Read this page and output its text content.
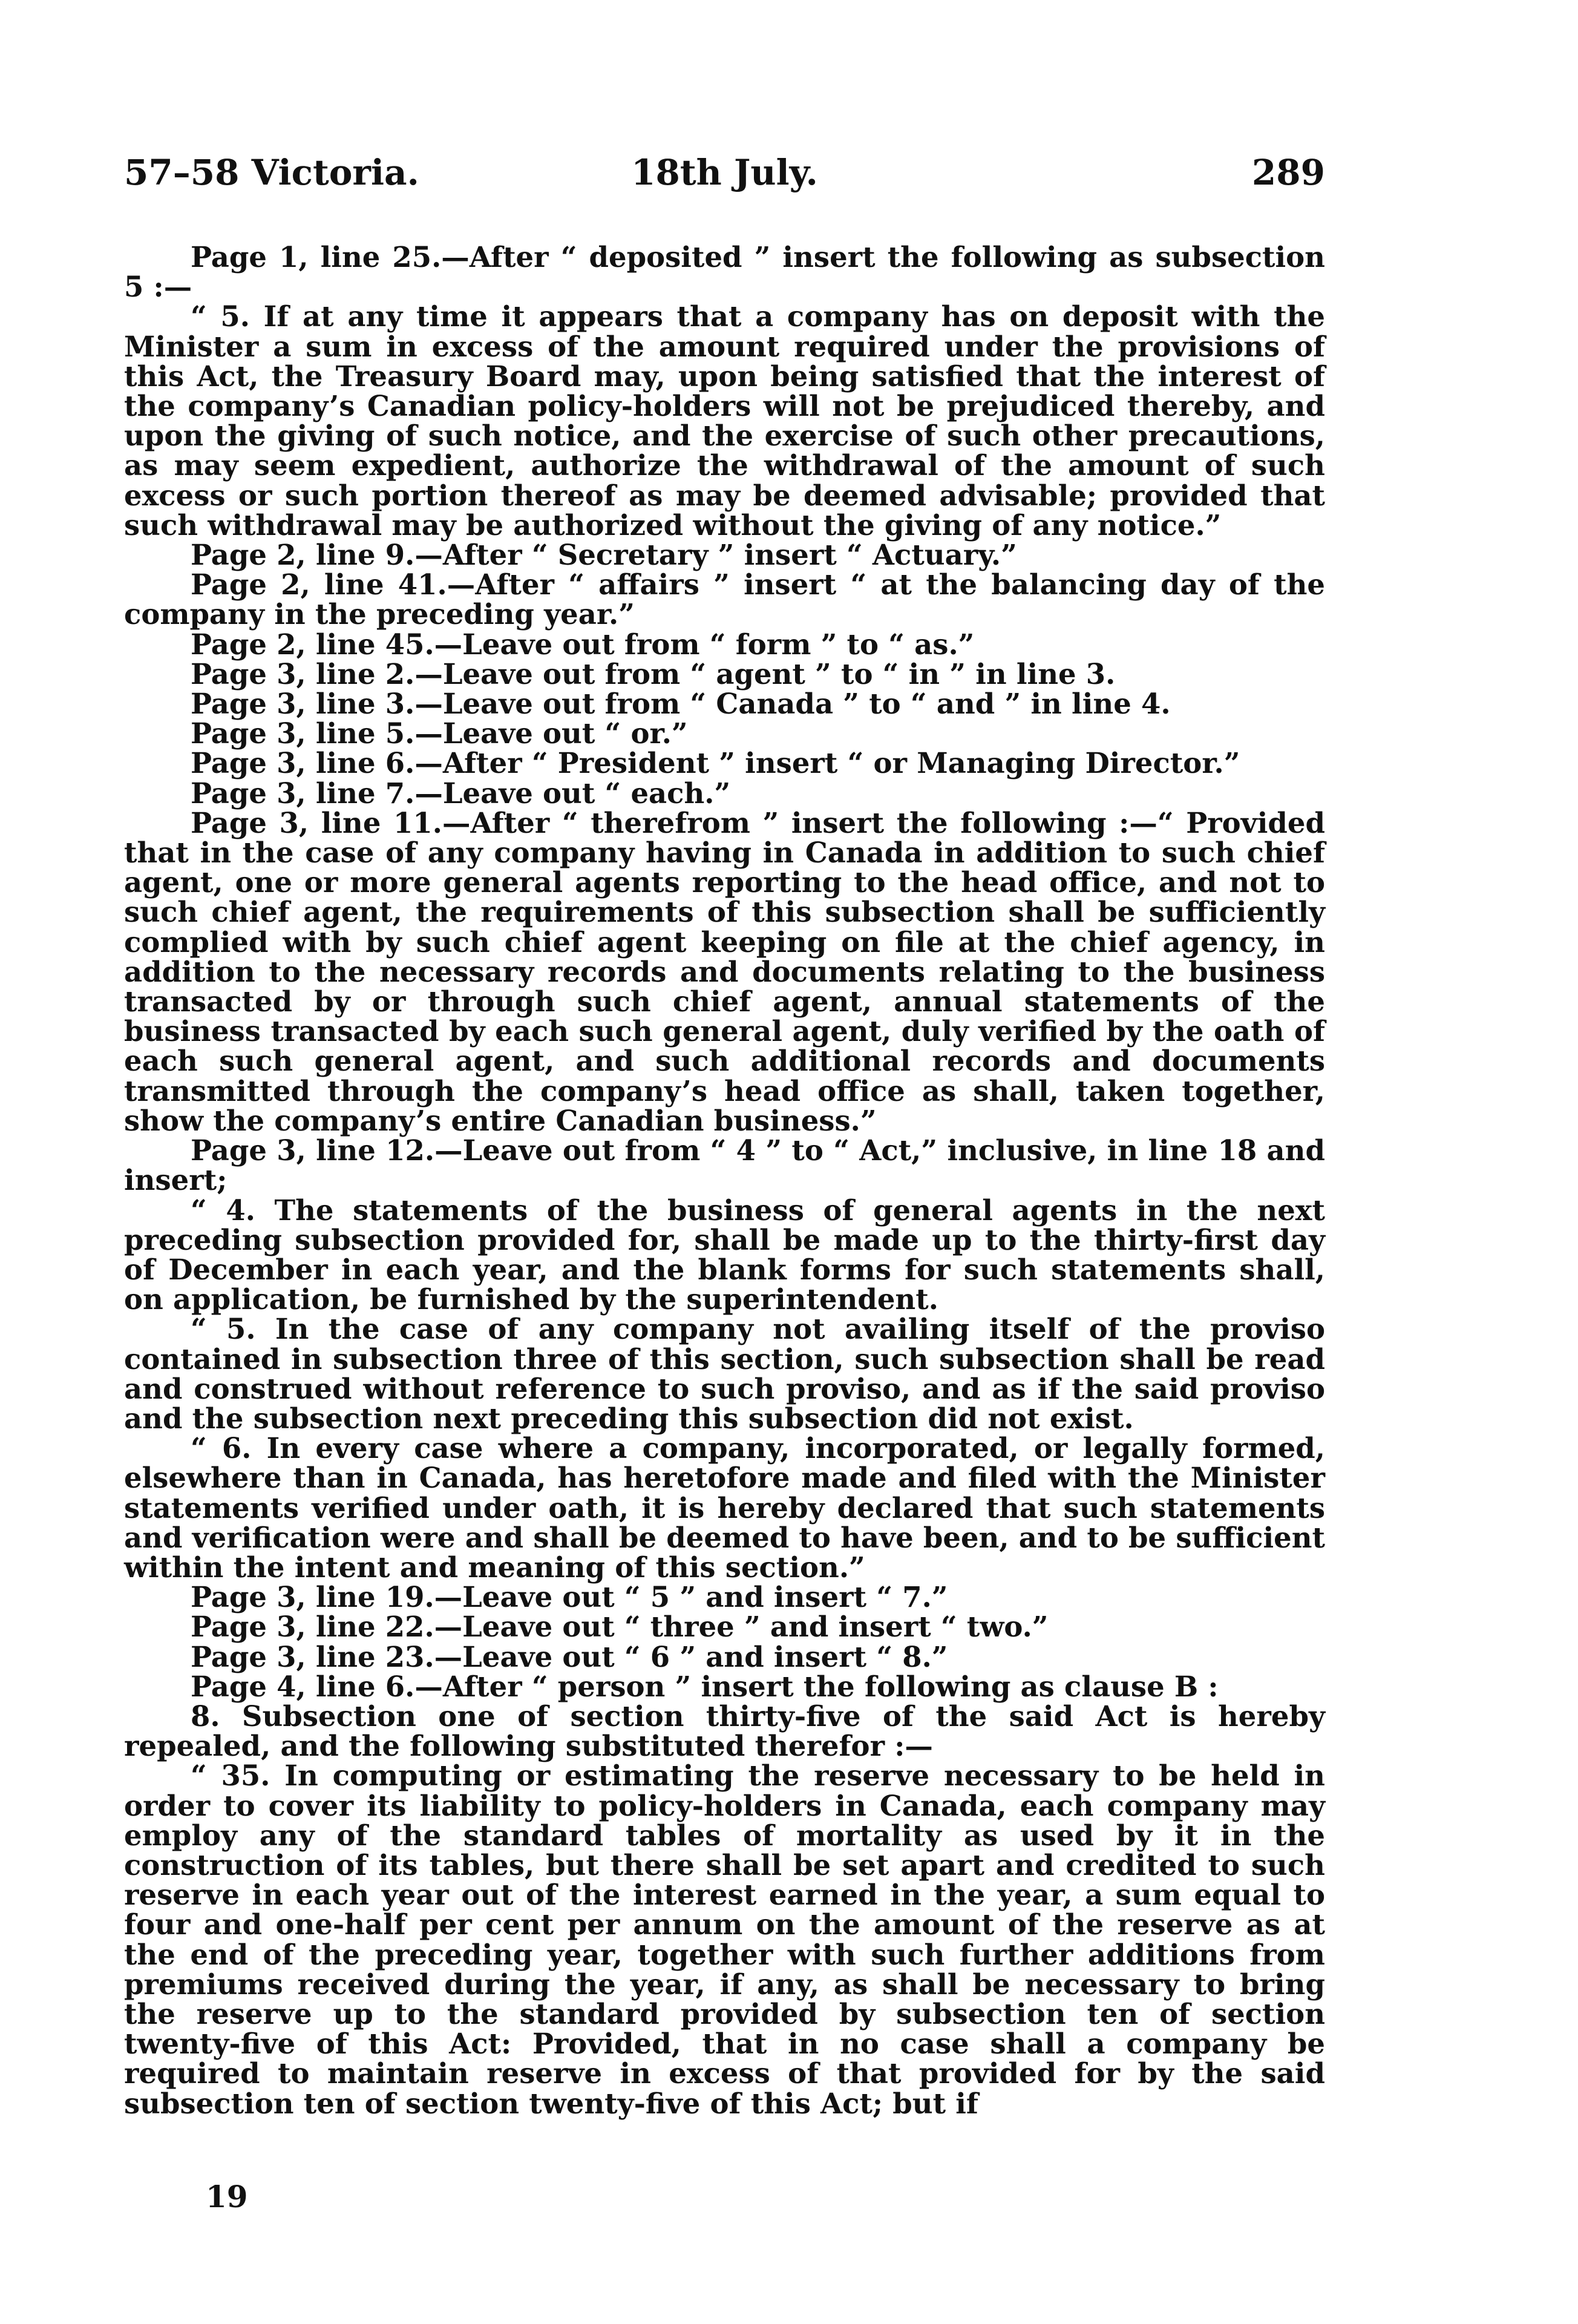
57–58 Victoria.	18th July.	289

Page 1, line 25.—After “ deposited ” insert the following as subsection 5 :—

“ 5. If at any time it appears that a company has on deposit with the Minister a sum in excess of the amount required under the provisions of this Act, the Treasury Board may, upon being satisfied that the interest of the company’s Canadian policy-holders will not be prejudiced thereby, and upon the giving of such notice, and the exercise of such other precautions, as may seem expedient, authorize the withdrawal of the amount of such excess or such portion thereof as may be deemed advisable; provided that such withdrawal may be authorized without the giving of any notice.”

Page 2, line 9.—After “ Secretary ” insert “ Actuary.”

Page 2, line 41.—After “ affairs ” insert “ at the balancing day of the company in the preceding year.”

Page 2, line 45.—Leave out from “ form ” to “ as.”

Page 3, line 2.—Leave out from “ agent ” to “ in ” in line 3.

Page 3, line 3.—Leave out from “ Canada ” to “ and ” in line 4.

Page 3, line 5.—Leave out “ or.”

Page 3, line 6.—After “ President ” insert “ or Managing Director.”

Page 3, line 7.—Leave out “ each.”

Page 3, line 11.—After “ therefrom ” insert the following :—“ Provided that in the case of any company having in Canada in addition to such chief agent, one or more general agents reporting to the head office, and not to such chief agent, the requirements of this subsection shall be sufficiently complied with by such chief agent keeping on file at the chief agency, in addition to the necessary records and documents relating to the business transacted by or through such chief agent, annual statements of the business transacted by each such general agent, duly verified by the oath of each such general agent, and such additional records and documents transmitted through the company’s head office as shall, taken together, show the company’s entire Canadian business.”

Page 3, line 12.—Leave out from “ 4 ” to “ Act,” inclusive, in line 18 and insert;

“ 4. The statements of the business of general agents in the next preceding subsection provided for, shall be made up to the thirty-first day of December in each year, and the blank forms for such statements shall, on application, be furnished by the superintendent.

“ 5. In the case of any company not availing itself of the proviso contained in subsection three of this section, such subsection shall be read and construed without reference to such proviso, and as if the said proviso and the subsection next preceding this subsection did not exist.

“ 6. In every case where a company, incorporated, or legally formed, elsewhere than in Canada, has heretofore made and filed with the Minister statements verified under oath, it is hereby declared that such statements and verification were and shall be deemed to have been, and to be sufficient within the intent and meaning of this section.”

Page 3, line 19.—Leave out “ 5 ” and insert “ 7.”

Page 3, line 22.—Leave out “ three ” and insert “ two.”

Page 3, line 23.—Leave out “ 6 ” and insert “ 8.”

Page 4, line 6.—After “ person ” insert the following as clause B :

8. Subsection one of section thirty-five of the said Act is hereby repealed, and the following substituted therefor :—

“ 35. In computing or estimating the reserve necessary to be held in order to cover its liability to policy-holders in Canada, each company may employ any of the standard tables of mortality as used by it in the construction of its tables, but there shall be set apart and credited to such reserve in each year out of the interest earned in the year, a sum equal to four and one-half per cent per annum on the amount of the reserve as at the end of the preceding year, together with such further additions from premiums received during the year, if any, as shall be necessary to bring the reserve up to the standard provided by subsection ten of section twenty-five of this Act: Provided, that in no case shall a company be required to maintain reserve in excess of that provided for by the said subsection ten of section twenty-five of this Act; but if

19
